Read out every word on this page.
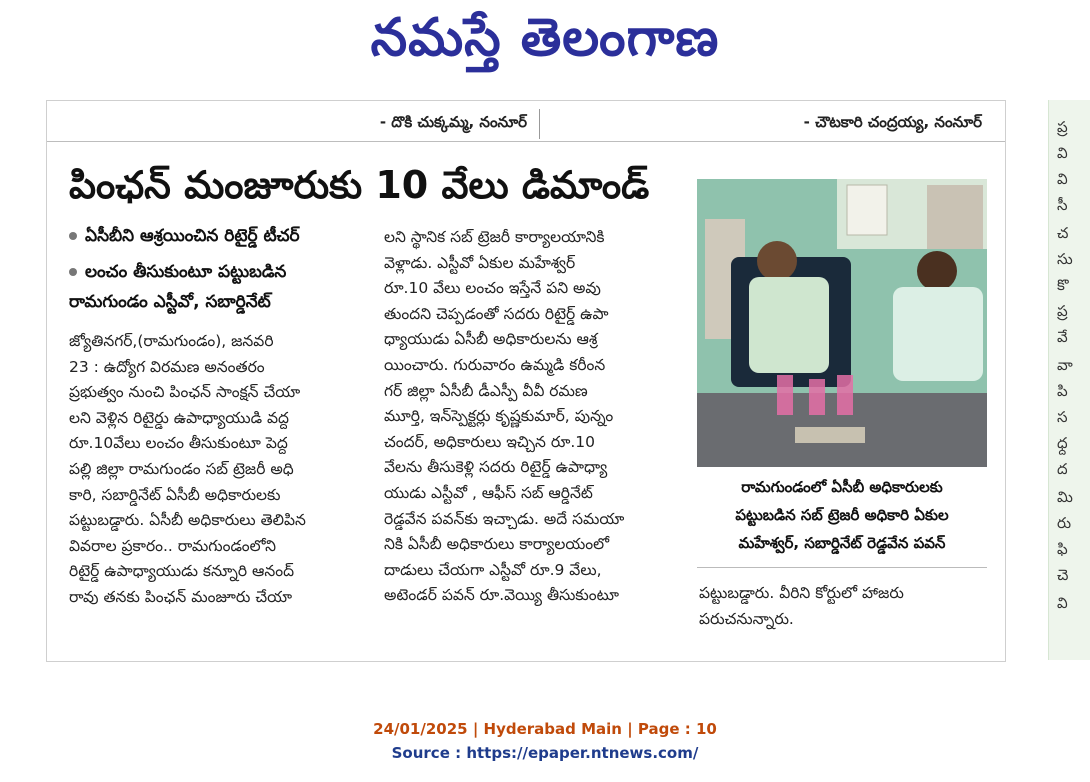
నమస్తే తెలంగాణ
- దొకి చుక్కమ్మ, నంనూర్	- చౌటకారి చంద్రయ్య, నంనూర్
పింఛన్ మంజూరుకు 10 వేలు డిమాండ్
ఏసీబీని ఆశ్రయించిన రిటైర్డ్ టీచర్
లంచం తీసుకుంటూ పట్టుబడిన
రామగుండం ఎస్టీవో, సబార్డినేట్

జ్యోతినగర్,(రామగుండం), జనవరి

23 : ఉద్యోగ విరమణ అనంతరం

ప్రభుత్వం నుంచి పింఛన్ సాంక్షన్ చేయా

లని వెళ్లిన రిటైర్డు ఉపాధ్యాయుడి వద్ద

రూ.10వేలు లంచం తీసుకుంటూ పెద్ద

పల్లి జిల్లా రామగుండం సబ్ ట్రెజరీ అధి

కారి, సబార్డినేట్ ఏసీబీ అధికారులకు

పట్టుబడ్డారు. ఏసీబీ అధికారులు తెలిపిన

వివరాల ప్రకారం.. రామగుండంలోని

రిటైర్డ్ ఉపాధ్యాయుడు కన్నూరి ఆనంద్

రావు తనకు పింఛన్ మంజూరు చేయా

లని స్థానిక సబ్ ట్రెజరీ కార్యాలయానికి

వెళ్లాడు. ఎస్టీవో ఏకుల మహేశ్వర్

రూ.10 వేలు లంచం ఇస్తేనే పని అవు

తుందని చెప్పడంతో సదరు రిటైర్డ్ ఉపా

ధ్యాయుడు ఏసీబీ అధికారులను ఆశ్ర

యించారు. గురువారం ఉమ్మడి కరీంన

గర్ జిల్లా ఏసీబీ డీఎస్పీ వీవీ రమణ

మూర్తి, ఇన్‌స్పెక్టర్లు కృష్ణకుమార్, పున్నం

చందర్, అధికారులు ఇచ్చిన రూ.10

వేలను తీసుకెళ్లి సదరు రిటైర్డ్ ఉపాధ్యా

యుడు ఎస్టీవో , ఆఫీస్ సబ్ ఆర్డినేట్

రెడ్డవేన పవన్‌కు ఇచ్చాడు. అదే సమయా

నికి ఏసీబీ అధికారులు కార్యాలయంలో

దాడులు చేయగా ఎస్టీవో రూ.9 వేలు,

అటెండర్ పవన్ రూ.వెయ్యి తీసుకుంటూ

రామగుండంలో ఏసీబీ అధికారులకు
పట్టుబడిన సబ్ ట్రెజరీ అధికారి ఏకుల
మహేశ్వర్, సబార్డినేట్ రెడ్డవేన పవన్

పట్టుబడ్డారు. వీరిని కోర్టులో హాజరు

పరుచనున్నారు.

ప్ర
వి
వి
సీ
చ
సు
కొ
ప్ర
వే
వా
పి
స
ధ్ద
ద
మి
రు
ఫి
చె
వి
24/01/2025 | Hyderabad Main | Page : 10
Source : https://epaper.ntnews.com/
